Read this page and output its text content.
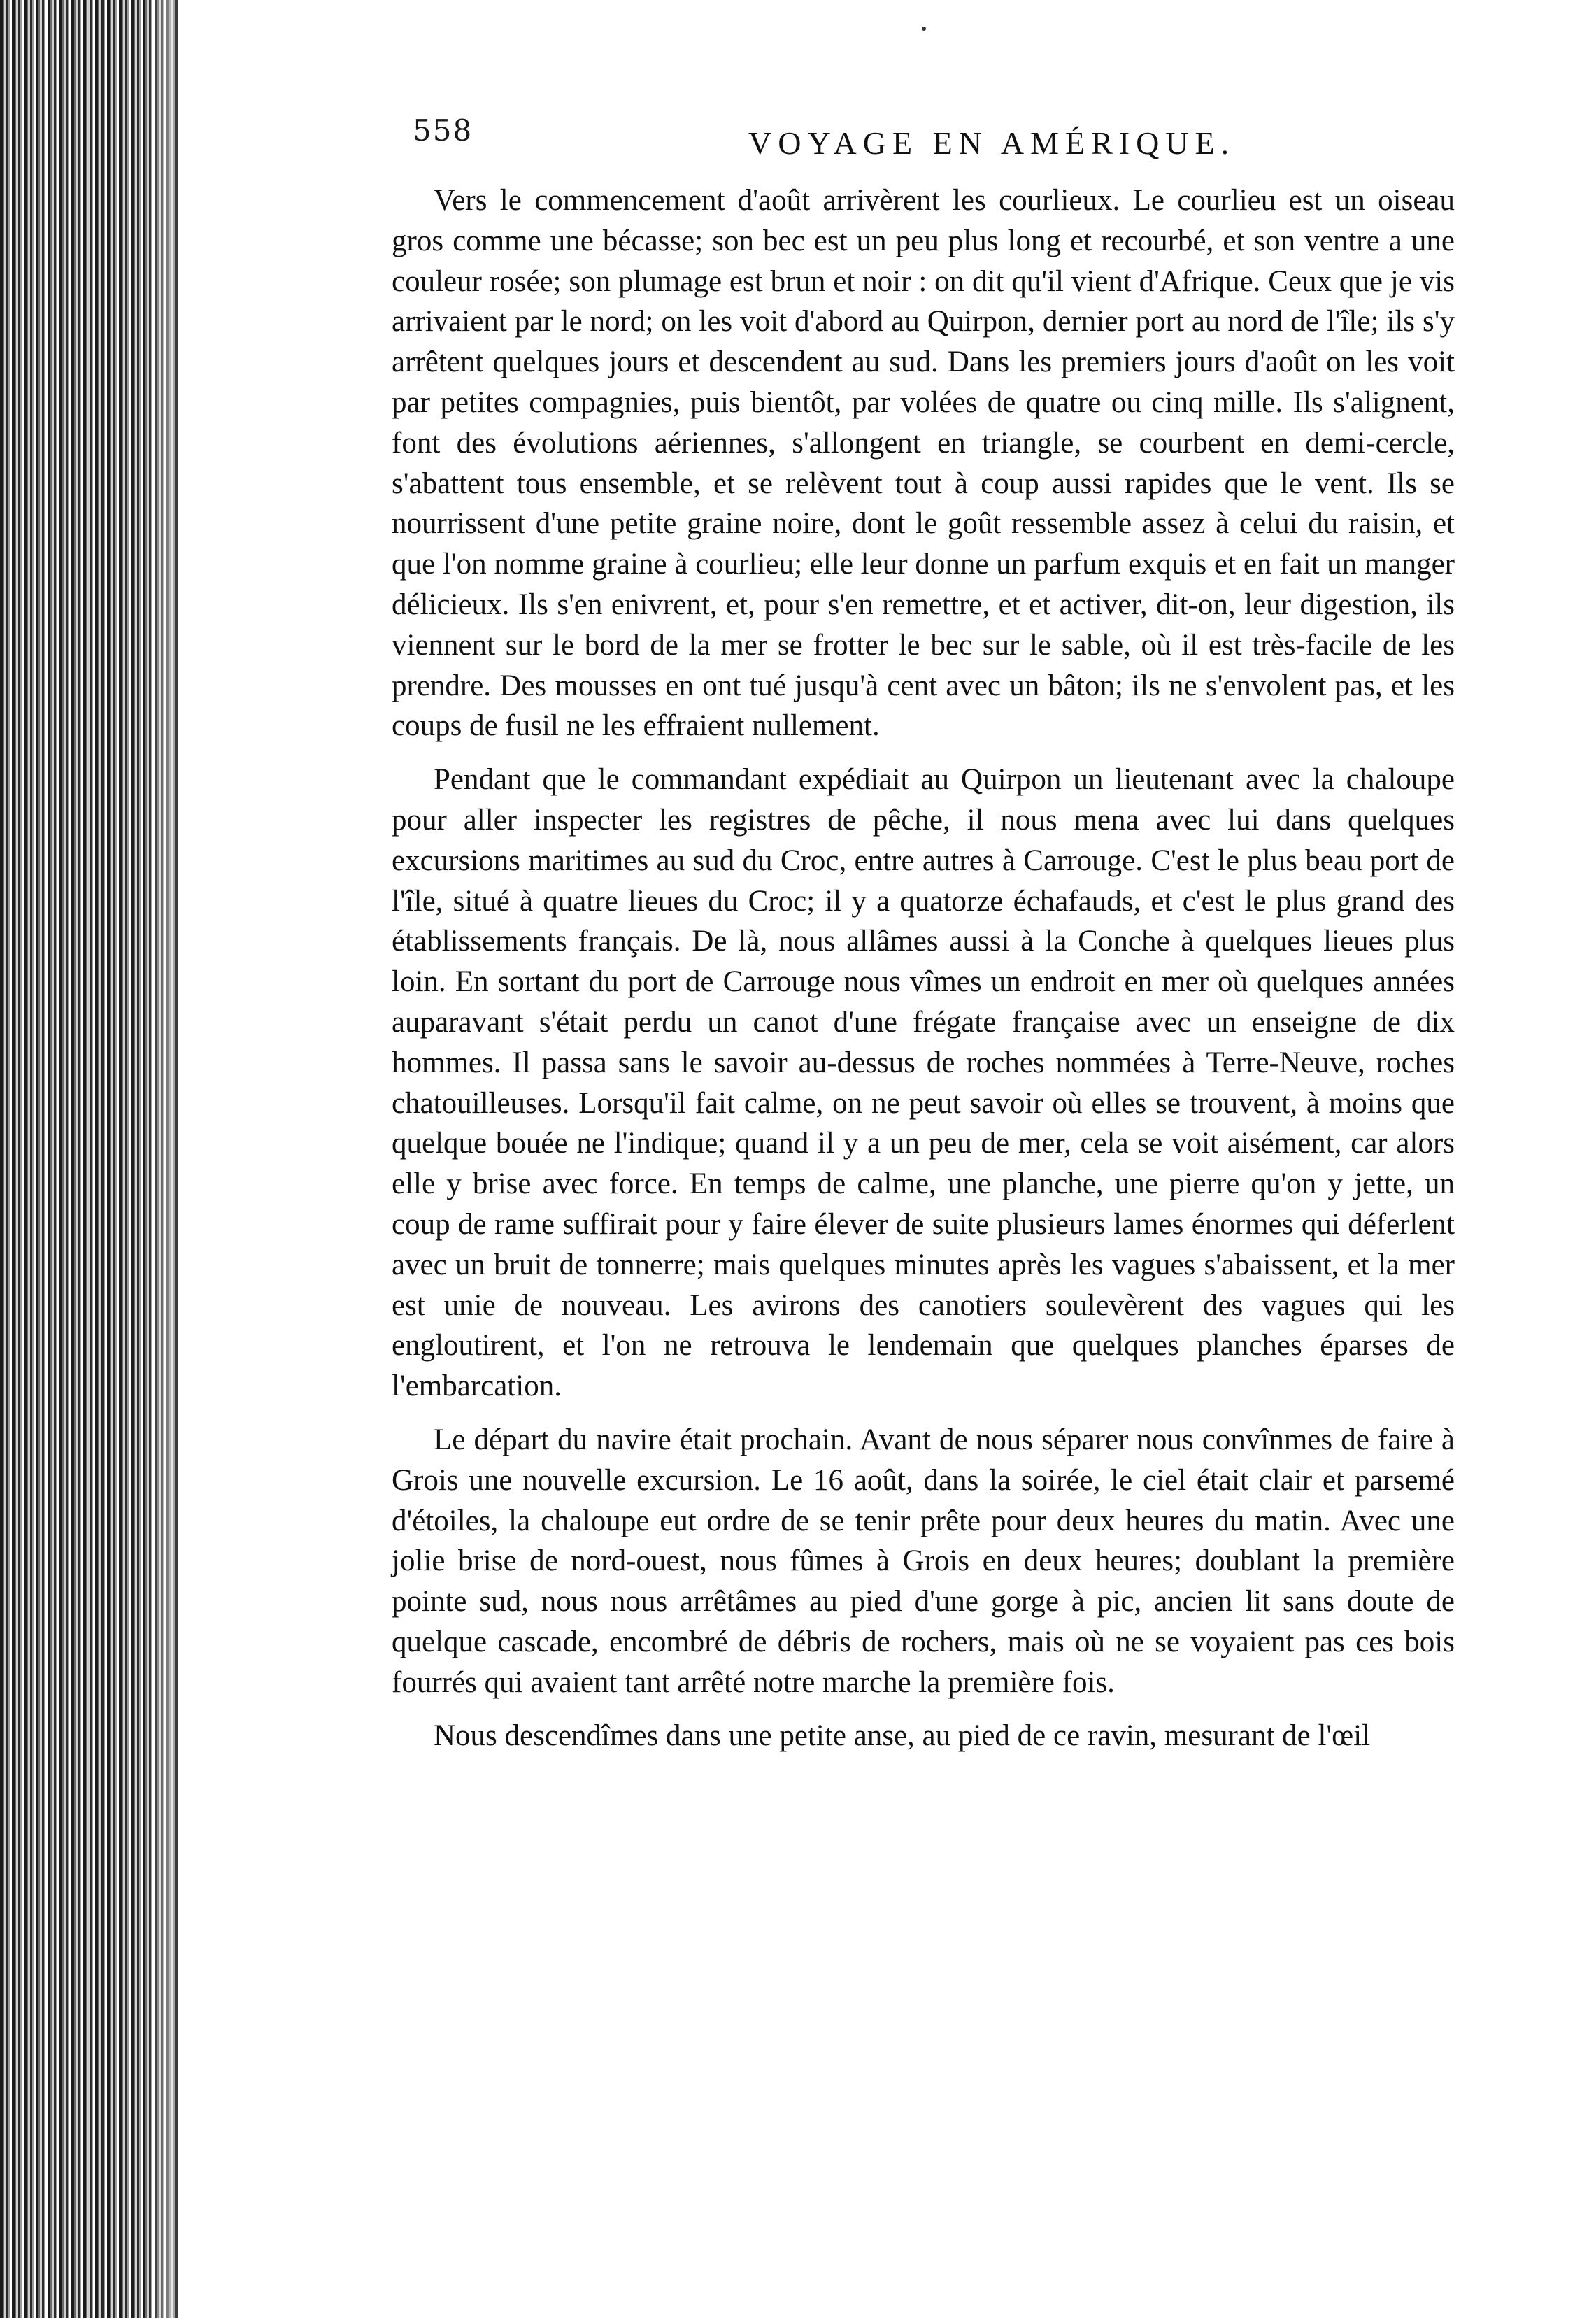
558	VOYAGE EN AMÉRIQUE.

Vers le commencement d'août arrivèrent les courlieux. Le courlieu est un oiseau gros comme une bécasse; son bec est un peu plus long et recourbé, et son ventre a une couleur rosée; son plumage est brun et noir : on dit qu'il vient d'Afrique. Ceux que je vis arrivaient par le nord; on les voit d'abord au Quirpon, dernier port au nord de l'île; ils s'y arrêtent quelques jours et descendent au sud. Dans les premiers jours d'août on les voit par petites compagnies, puis bientôt, par volées de quatre ou cinq mille. Ils s'alignent, font des évolutions aériennes, s'allongent en triangle, se courbent en demi-cercle, s'abattent tous ensemble, et se relèvent tout à coup aussi rapides que le vent. Ils se nourrissent d'une petite graine noire, dont le goût ressemble assez à celui du raisin, et que l'on nomme graine à courlieu; elle leur donne un parfum exquis et en fait un manger délicieux. Ils s'en enivrent, et, pour s'en remettre, et et activer, dit-on, leur digestion, ils viennent sur le bord de la mer se frotter le bec sur le sable, où il est très-facile de les prendre. Des mousses en ont tué jusqu'à cent avec un bâton; ils ne s'envolent pas, et les coups de fusil ne les effraient nullement.

Pendant que le commandant expédiait au Quirpon un lieutenant avec la chaloupe pour aller inspecter les registres de pêche, il nous mena avec lui dans quelques excursions maritimes au sud du Croc, entre autres à Carrouge. C'est le plus beau port de l'île, situé à quatre lieues du Croc; il y a quatorze échafauds, et c'est le plus grand des établissements français. De là, nous allâmes aussi à la Conche à quelques lieues plus loin. En sortant du port de Carrouge nous vîmes un endroit en mer où quelques années auparavant s'était perdu un canot d'une frégate française avec un enseigne de dix hommes. Il passa sans le savoir au-dessus de roches nommées à Terre-Neuve, roches chatouilleuses. Lorsqu'il fait calme, on ne peut savoir où elles se trouvent, à moins que quelque bouée ne l'indique; quand il y a un peu de mer, cela se voit aisément, car alors elle y brise avec force. En temps de calme, une planche, une pierre qu'on y jette, un coup de rame suffirait pour y faire élever de suite plusieurs lames énormes qui déferlent avec un bruit de tonnerre; mais quelques minutes après les vagues s'abaissent, et la mer est unie de nouveau. Les avirons des canotiers soulevèrent des vagues qui les engloutirent, et l'on ne retrouva le lendemain que quelques planches éparses de l'embarcation.

Le départ du navire était prochain. Avant de nous séparer nous convînmes de faire à Grois une nouvelle excursion. Le 16 août, dans la soirée, le ciel était clair et parsemé d'étoiles, la chaloupe eut ordre de se tenir prête pour deux heures du matin. Avec une jolie brise de nord-ouest, nous fûmes à Grois en deux heures; doublant la première pointe sud, nous nous arrêtâmes au pied d'une gorge à pic, ancien lit sans doute de quelque cascade, encombré de débris de rochers, mais où ne se voyaient pas ces bois fourrés qui avaient tant arrêté notre marche la première fois.

Nous descendîmes dans une petite anse, au pied de ce ravin, mesurant de l'œil
